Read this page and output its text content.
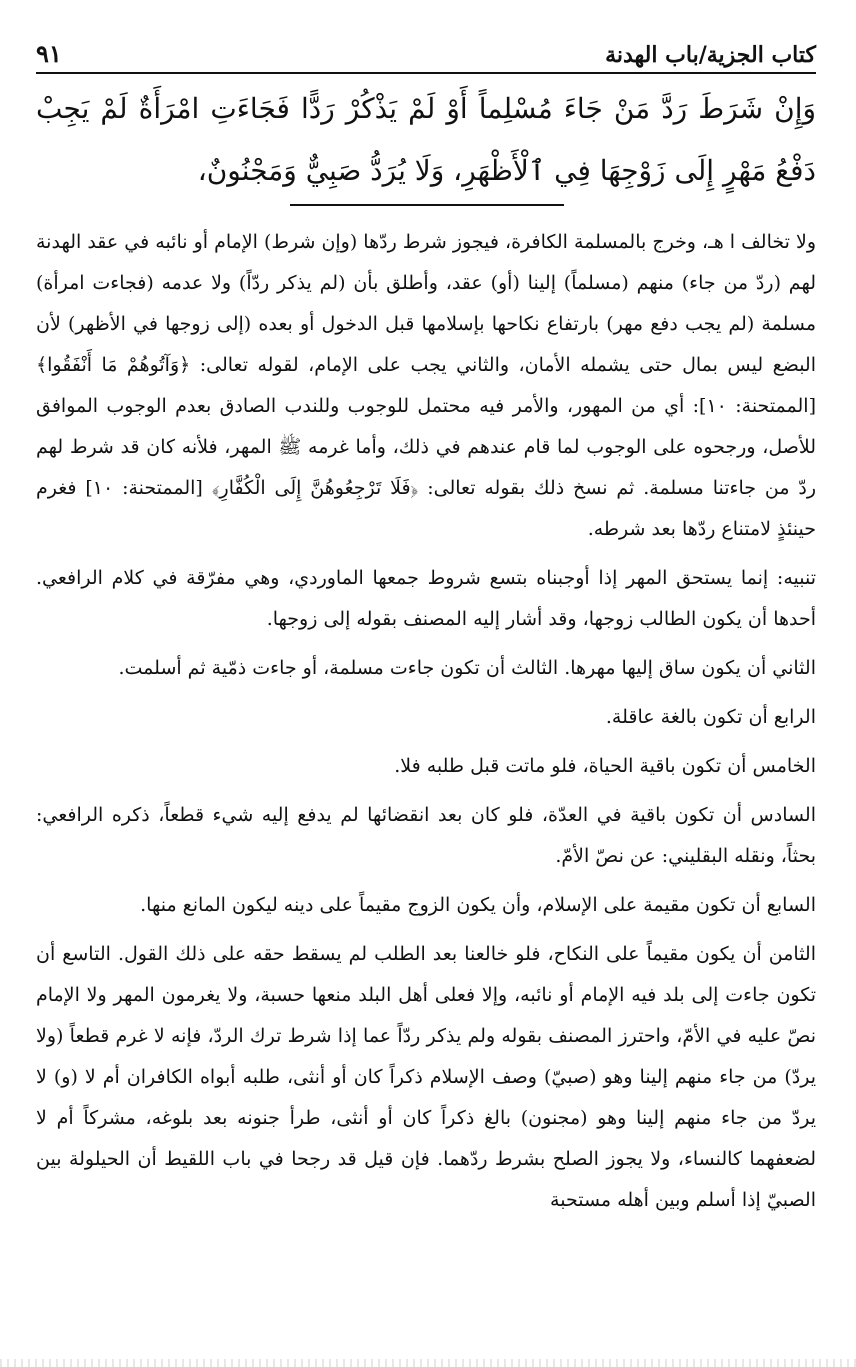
كتاب الجزية/باب الهدنة
٩١
وَإِنْ شَرَطَ رَدَّ مَنْ جَاءَ مُسْلِماً أَوْ لَمْ يَذْكُرْ رَدًّا فَجَاءَتِ امْرَأَةٌ لَمْ يَجِبْ دَفْعُ مَهْرٍ إِلَى زَوْجِهَا فِي ٱلْأَظْهَرِ، وَلَا يُرَدُّ صَبِيٌّ وَمَجْنُونٌ،

ولا تخالف ا هـ، وخرج بالمسلمة الكافرة، فيجوز شرط ردّها (وإن شرط) الإمام أو نائبه في عقد الهدنة لهم (ردّ من جاء) منهم (مسلماً) إلينا (أو) عقد، وأطلق بأن (لم يذكر ردّاً) ولا عدمه (فجاءت امرأة) مسلمة (لم يجب دفع مهر) بارتفاع نكاحها بإسلامها قبل الدخول أو بعده (إلى زوجها في الأظهر) لأن البضع ليس بمال حتى يشمله الأمان، والثاني يجب على الإمام، لقوله تعالى: ﴿وَآتُوهُمْ مَا أَنْفَقُوا﴾ [الممتحنة: ١٠]: أي من المهور، والأمر فيه محتمل للوجوب وللندب الصادق بعدم الوجوب الموافق للأصل، ورجحوه على الوجوب لما قام عندهم في ذلك، وأما غرمه ﷺ المهر، فلأنه كان قد شرط لهم ردّ من جاءتنا مسلمة. ثم نسخ ذلك بقوله تعالى: ﴿فَلَا تَرْجِعُوهُنَّ إِلَى الْكُفَّارِ﴾ [الممتحنة: ١٠] فغرم حينئذٍ لامتناع ردّها بعد شرطه.

تنبيه: إنما يستحق المهر إذا أوجبناه بتسع شروط جمعها الماوردي، وهي مفرّقة في كلام الرافعي. أحدها أن يكون الطالب زوجها، وقد أشار إليه المصنف بقوله إلى زوجها.

الثاني أن يكون ساق إليها مهرها. الثالث أن تكون جاءت مسلمة، أو جاءت ذمّية ثم أسلمت.

الرابع أن تكون بالغة عاقلة.

الخامس أن تكون باقية الحياة، فلو ماتت قبل طلبه فلا.

السادس أن تكون باقية في العدّة، فلو كان بعد انقضائها لم يدفع إليه شيء قطعاً، ذكره الرافعي: بحثاً، ونقله البقليني: عن نصّ الأمّ.

السابع أن تكون مقيمة على الإسلام، وأن يكون الزوج مقيماً على دينه ليكون المانع منها.

الثامن أن يكون مقيماً على النكاح، فلو خالعنا بعد الطلب لم يسقط حقه على ذلك القول. التاسع أن تكون جاءت إلى بلد فيه الإمام أو نائبه، وإلا فعلى أهل البلد منعها حسبة، ولا يغرمون المهر ولا الإمام نصّ عليه في الأمّ، واحترز المصنف بقوله ولم يذكر ردّاً عما إذا شرط ترك الردّ، فإنه لا غرم قطعاً (ولا يردّ) من جاء منهم إلينا وهو (صبيّ) وصف الإسلام ذكراً كان أو أنثى، طلبه أبواه الكافران أم لا (و) لا يردّ من جاء منهم إلينا وهو (مجنون) بالغ ذكراً كان أو أنثى، طرأ جنونه بعد بلوغه، مشركاً أم لا لضعفهما كالنساء، ولا يجوز الصلح بشرط ردّهما. فإن قيل قد رجحا في باب اللقيط أن الحيلولة بين الصبيّ إذا أسلم وبين أهله مستحبة
